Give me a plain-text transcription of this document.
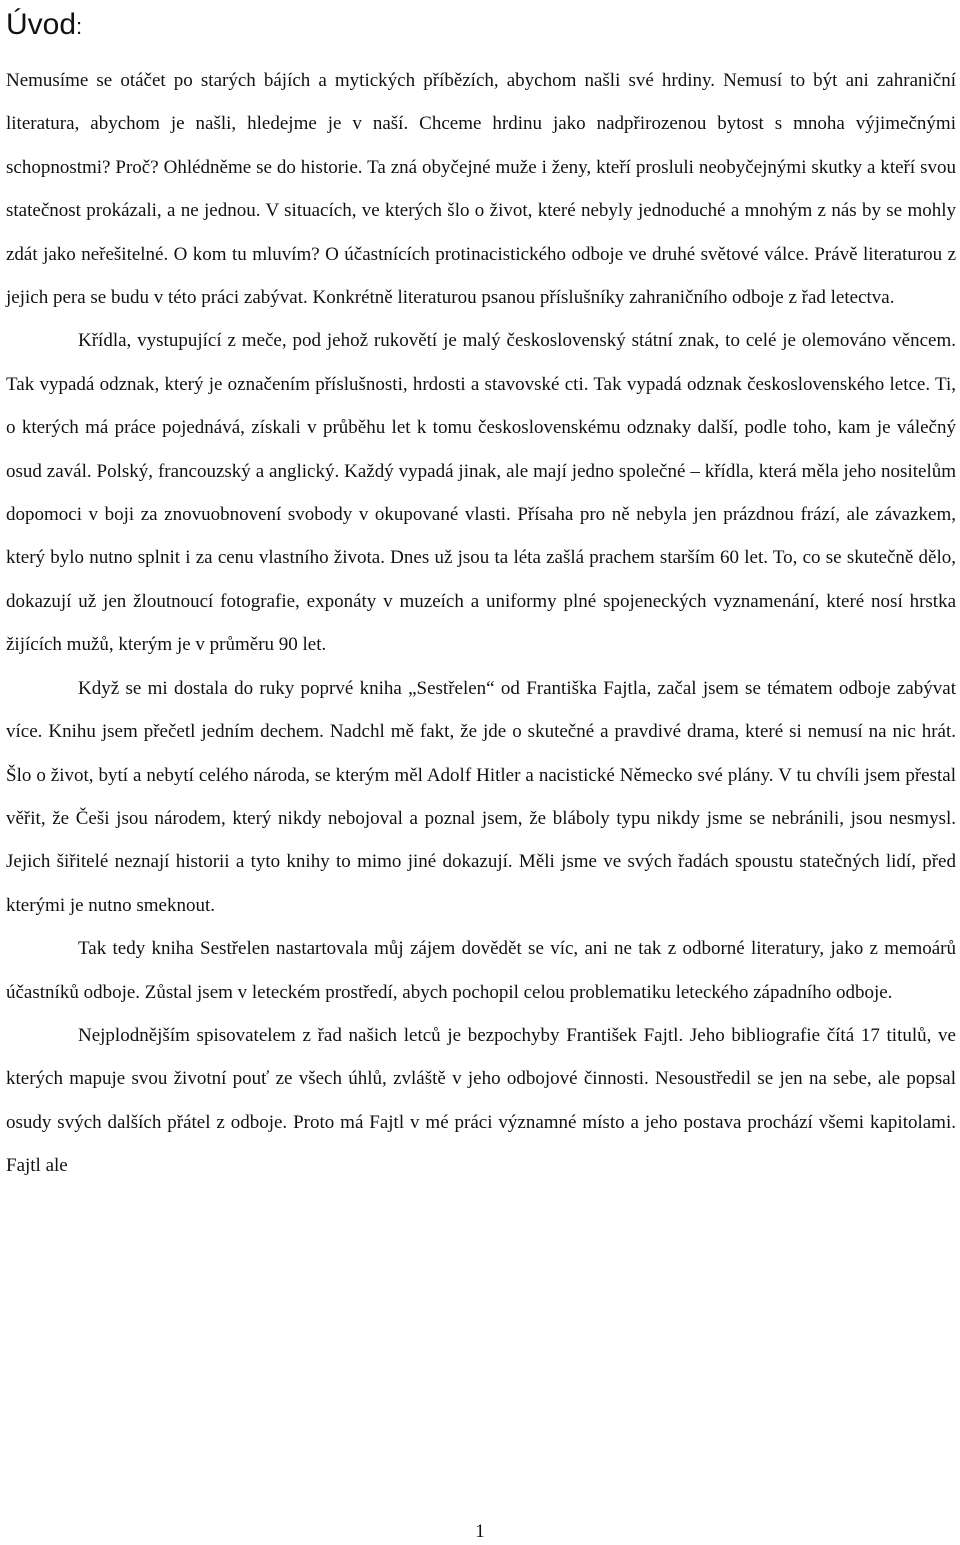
Úvod:

Nemusíme se otáčet po starých bájích a mytických příbězích, abychom našli své hrdiny. Nemusí to být ani zahraniční literatura, abychom je našli, hledejme je v naší. Chceme hrdinu jako nadpřirozenou bytost s mnoha výjimečnými schopnostmi? Proč? Ohlédněme se do historie. Ta zná obyčejné muže i ženy, kteří prosluli neobyčejnými skutky a kteří svou statečnost prokázali, a ne jednou. V situacích, ve kterých šlo o život, které nebyly jednoduché a mnohým z nás by se mohly zdát jako neřešitelné. O kom tu mluvím? O účastnících protinacistického odboje ve druhé světové válce. Právě literaturou z jejich pera se budu v této práci zabývat. Konkrétně literaturou psanou příslušníky zahraničního odboje z řad letectva.

Křídla, vystupující z meče, pod jehož rukovětí je malý československý státní znak, to celé je olemováno věncem. Tak vypadá odznak, který je označením příslušnosti, hrdosti a stavovské cti. Tak vypadá odznak československého letce. Ti, o kterých má práce pojednává, získali v průběhu let k tomu československému odznaky další, podle toho, kam je válečný osud zavál. Polský, francouzský a anglický. Každý vypadá jinak, ale mají jedno společné – křídla, která měla jeho nositelům dopomoci v boji za znovuobnovení svobody v okupované vlasti. Přísaha pro ně nebyla jen prázdnou frází, ale závazkem, který bylo nutno splnit i za cenu vlastního života. Dnes už jsou ta léta zašlá prachem starším 60 let. To, co se skutečně dělo, dokazují už jen žloutnoucí fotografie, exponáty v muzeích a uniformy plné spojeneckých vyznamenání, které nosí hrstka žijících mužů, kterým je v průměru 90 let.

Když se mi dostala do ruky poprvé kniha „Sestřelen“ od Františka Fajtla, začal jsem se tématem odboje zabývat více. Knihu jsem přečetl jedním dechem. Nadchl mě fakt, že jde o skutečné a pravdivé drama, které si nemusí na nic hrát. Šlo o život, bytí a nebytí celého národa, se kterým měl Adolf Hitler a nacistické Německo své plány. V tu chvíli jsem přestal věřit, že Češi jsou národem, který nikdy nebojoval a poznal jsem, že bláboly typu nikdy jsme se nebránili, jsou nesmysl. Jejich šiřitelé neznají historii a tyto knihy to mimo jiné dokazují. Měli jsme ve svých řadách spoustu statečných lidí, před kterými je nutno smeknout.

Tak tedy kniha Sestřelen nastartovala můj zájem dovědět se víc, ani ne tak z odborné literatury, jako z memoárů účastníků odboje. Zůstal jsem v leteckém prostředí, abych pochopil celou problematiku leteckého západního odboje.

Nejplodnějším spisovatelem z řad našich letců je bezpochyby František Fajtl. Jeho bibliografie čítá 17 titulů, ve kterých mapuje svou životní pouť ze všech úhlů, zvláště v jeho odbojové činnosti. Nesoustředil se jen na sebe, ale popsal osudy svých dalších přátel z odboje. Proto má Fajtl v mé práci významné místo a jeho postava prochází všemi kapitolami. Fajtl ale

1
